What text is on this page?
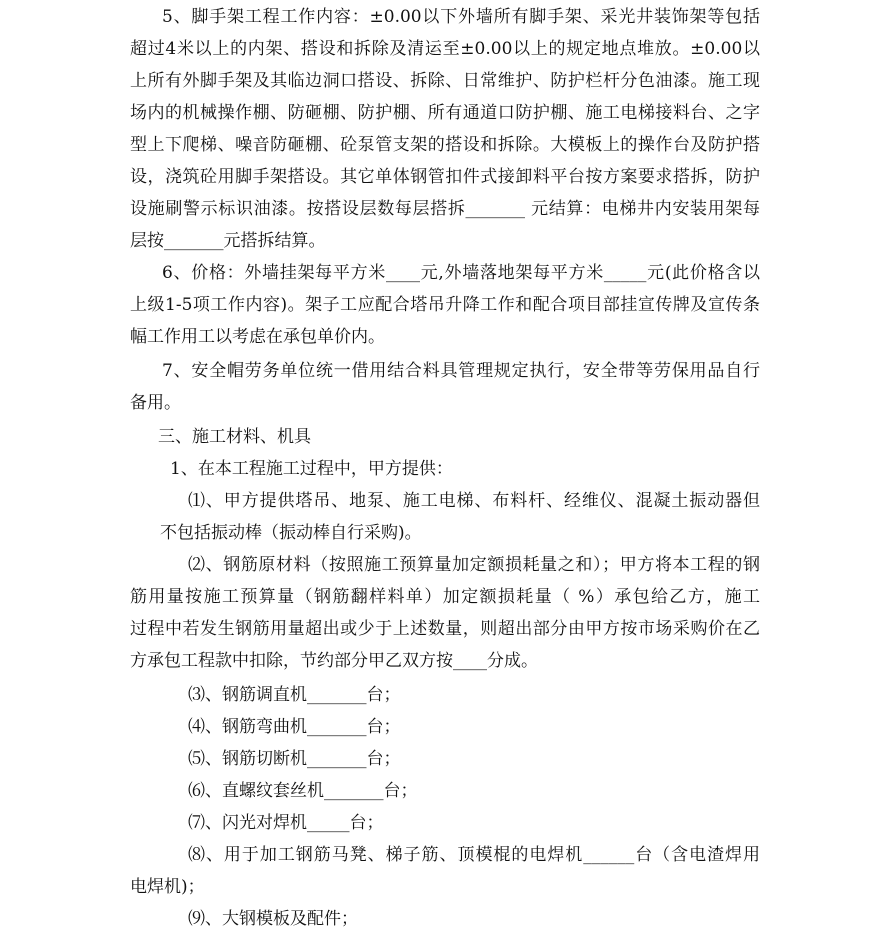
5、脚手架工程工作内容：±0.00以下外墙所有脚手架、采光井装饰架等包括
超过4米以上的内架、搭设和拆除及清运至±0.00以上的规定地点堆放。±0.00以
上所有外脚手架及其临边洞口搭设、拆除、日常维护、防护栏杆分色油漆。施工现
场内的机械操作棚、防砸棚、防护棚、所有通道口防护棚、施工电梯接料台、之字
型上下爬梯、噪音防砸棚、砼泵管支架的搭设和拆除。大模板上的操作台及防护搭
设，浇筑砼用脚手架搭设。其它单体钢管扣件式接卸料平台按方案要求搭拆，防护
设施刷警示标识油漆。按搭设层数每层搭拆_______ 元结算：电梯井内安装用架每
层按_______元搭拆结算。
6、价格：外墙挂架每平方米____元,外墙落地架每平方米_____元(此价格含以
上级1-5项工作内容)。架子工应配合塔吊升降工作和配合项目部挂宣传牌及宣传条
幅工作用工以考虑在承包单价内。
7、安全帽劳务单位统一借用结合料具管理规定执行，安全带等劳保用品自行
备用。
三、施工材料、机具
1、在本工程施工过程中，甲方提供：
⑴、甲方提供塔吊、地泵、施工电梯、布料杆、经维仪、混凝土振动器但
不包括振动棒（振动棒自行采购)。
⑵、钢筋原材料（按照施工预算量加定额损耗量之和）；甲方将本工程的钢
筋用量按施工预算量（钢筋翻样料单）加定额损耗量（ %）承包给乙方，施工
过程中若发生钢筋用量超出或少于上述数量，则超出部分由甲方按市场采购价在乙
方承包工程款中扣除，节约部分甲乙双方按____分成。
⑶、钢筋调直机_______台；
⑷、钢筋弯曲机_______台；
⑸、钢筋切断机_______台；
⑹、直螺纹套丝机_______台；
⑺、闪光对焊机_____台；
⑻、用于加工钢筋马凳、梯子筋、顶模棍的电焊机______台（含电渣焊用
电焊机)；
⑼、大钢模板及配件；
